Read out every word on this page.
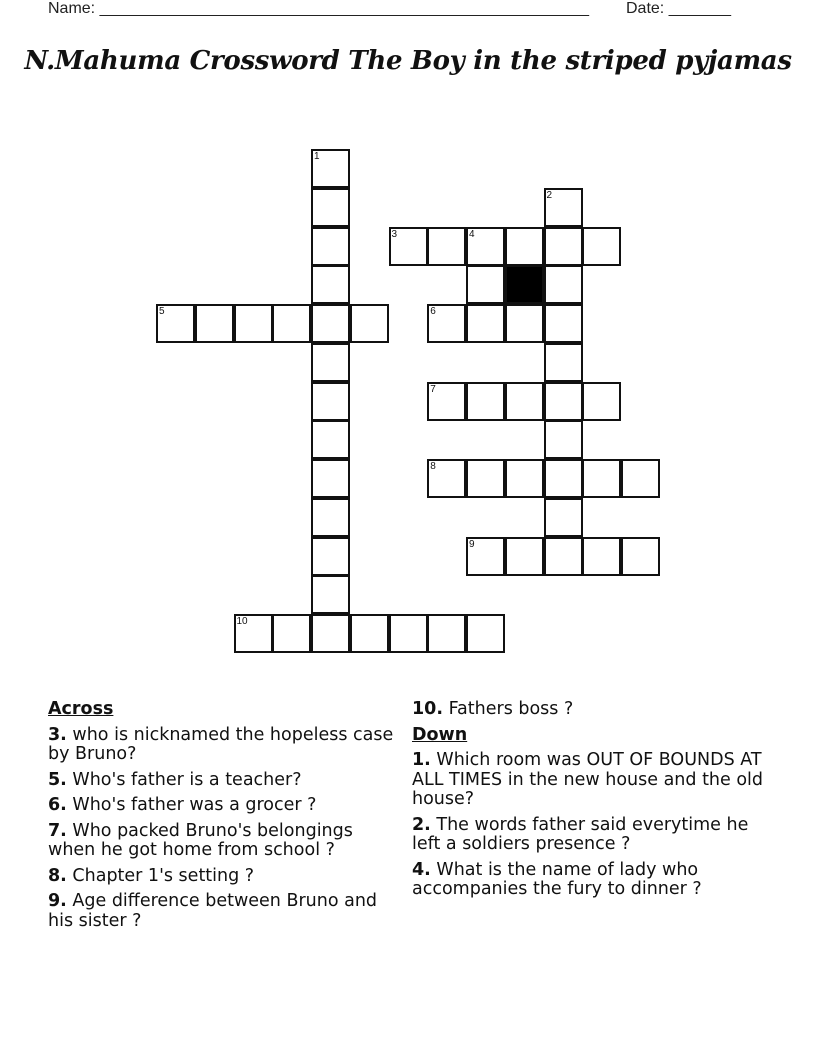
Name: _______________________________________________________ Date: _______
N.Mahuma Crossword The Boy in the striped pyjamas
1
2
3	4
5	6
7
8
9
10
Across
3. who is nicknamed the hopeless case by Bruno?
5. Who's father is a teacher?
6. Who's father was a grocer ?
7. Who packed Bruno's belongings when he got home from school ?
8. Chapter 1's setting ?
9. Age difference between Bruno and his sister ?
10. Fathers boss ?
Down
1. Which room was OUT OF BOUNDS AT ALL TIMES in the new house and the old house?
2. The words father said everytime he left a soldiers presence ?
4. What is the name of lady who accompanies the fury to dinner ?
